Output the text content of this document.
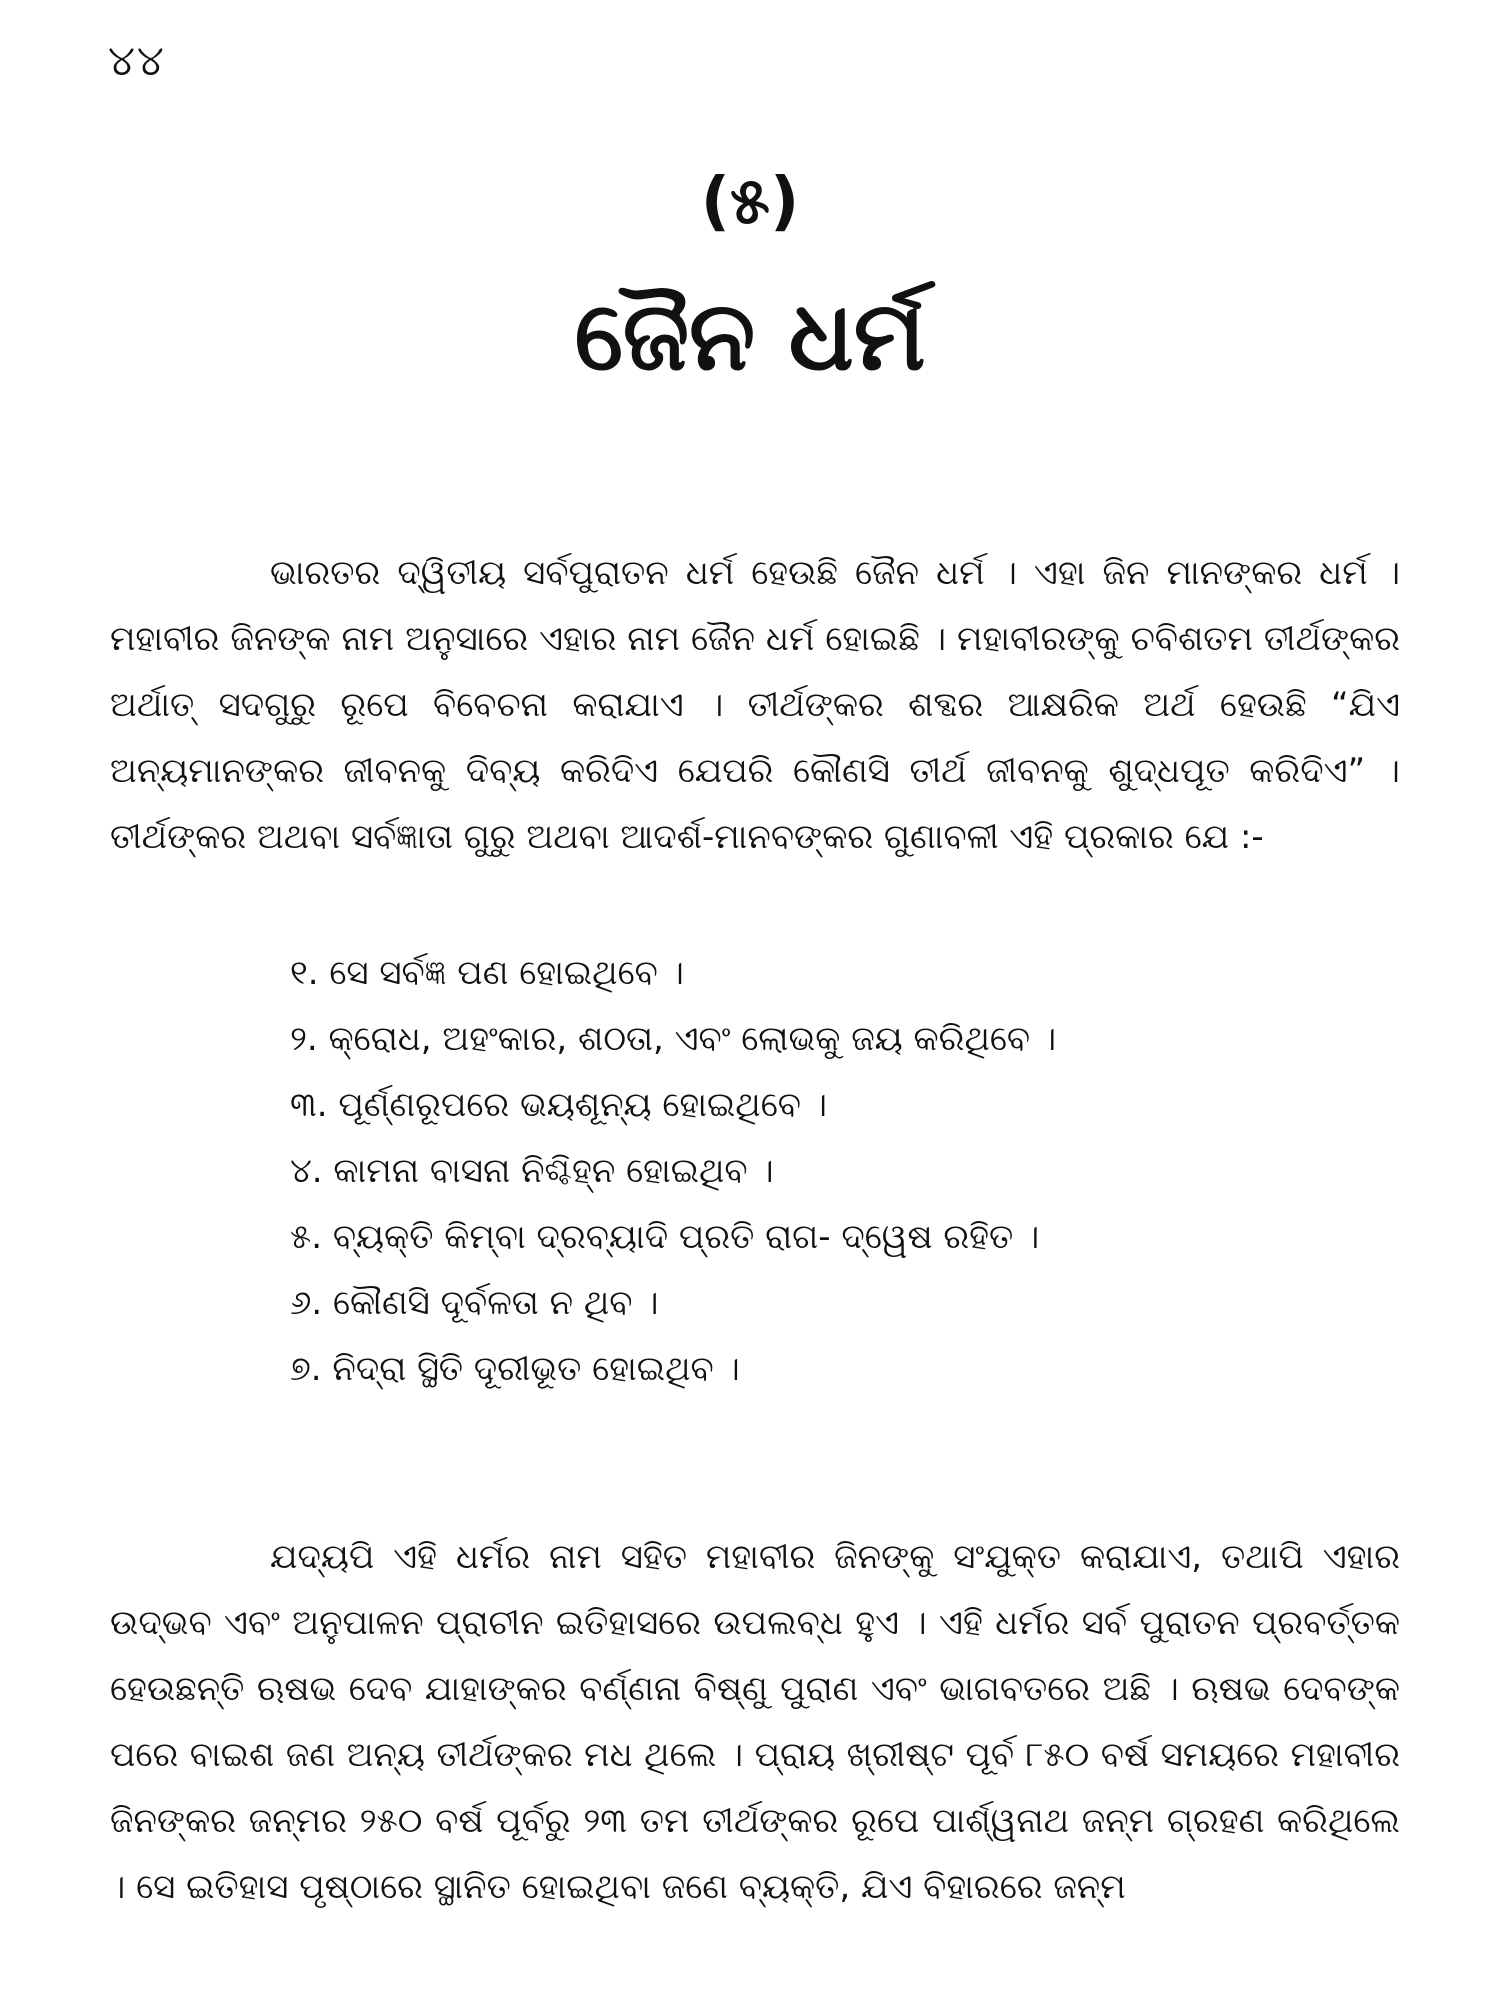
୪୪
(୫)
ଜୈନ ଧର୍ମ

ଭାରତର ଦ୍ୱିତୀୟ ସର୍ବପୁରାତନ ଧର୍ମ ହେଉଛି ଜୈନ ଧର୍ମ । ଏହା ଜିନ ମାନଙ୍କର ଧର୍ମ । ମହାବୀର ଜିନଙ୍କ ନାମ ଅନୁସାରେ ଏହାର ନାମ ଜୈନ ଧର୍ମ ହୋଇଛି । ମହାବୀରଙ୍କୁ ଚବିଶତମ ତୀର୍ଥଙ୍କର ଅର୍ଥାତ୍ ସଦଗୁରୁ ରୂପେ ବିବେଚନା କରାଯାଏ । ତୀର୍ଥଙ୍କର ଶବ୍ଦର ଆକ୍ଷରିକ ଅର୍ଥ ହେଉଛି “ଯିଏ ଅନ୍ୟମାନଙ୍କର ଜୀବନକୁ ଦିବ୍ୟ କରିଦିଏ ଯେପରି କୌଣସି ତୀର୍ଥ ଜୀବନକୁ ଶୁଦ୍ଧପୂତ କରିଦିଏ” । ତୀର୍ଥଙ୍କର ଅଥବା ସର୍ବଜ୍ଞାତା ଗୁରୁ ଅଥବା ଆଦର୍ଶ-ମାନବଙ୍କର ଗୁଣାବଳୀ ଏହି ପ୍ରକାର ଯେ :-

୧. ସେ ସର୍ବଜ୍ଞ ପଣ ହୋଇଥିବେ ।
୨. କ୍ରୋଧ, ଅହଂକାର, ଶଠତା, ଏବଂ ଲୋଭକୁ ଜୟ କରିଥିବେ ।
୩. ପୂର୍ଣ୍ଣରୂପରେ ଭୟଶୂନ୍ୟ ହୋଇଥିବେ ।
୪. କାମନା ବାସନା ନିଶ୍ଚିହ୍ନ ହୋଇଥିବ ।
୫. ବ୍ୟକ୍ତି କିମ୍ବା ଦ୍ରବ୍ୟାଦି ପ୍ରତି ରାଗ- ଦ୍ୱେଷ ରହିତ ।
୬. କୌଣସି ଦୂର୍ବଳତା ନ ଥିବ ।
୭. ନିଦ୍ରା ସ୍ଥିତି ଦୂରୀଭୂତ ହୋଇଥିବ ।

ଯଦ୍ୟପି ଏହି ଧର୍ମର ନାମ ସହିତ ମହାବୀର ଜିନଙ୍କୁ ସଂଯୁକ୍ତ କରାଯାଏ, ତଥାପି ଏହାର ଉଦ୍ଭବ ଏବଂ ଅନୁପାଳନ ପ୍ରାଚୀନ ଇତିହାସରେ ଉପଲବ୍ଧ ହୁଏ । ଏହି ଧର୍ମର ସର୍ବ ପୁରାତନ ପ୍ରବର୍ତ୍ତକ ହେଉଛନ୍ତି ଋଷଭ ଦେବ ଯାହାଙ୍କର ବର୍ଣ୍ଣନା ବିଷ୍ଣୁ ପୁରାଣ ଏବଂ ଭାଗବତରେ ଅଛି । ଋଷଭ ଦେବଙ୍କ ପରେ ବାଇଶ ଜଣ ଅନ୍ୟ ତୀର୍ଥଙ୍କର ମଧ ଥିଲେ । ପ୍ରାୟ ଖ୍ରୀଷ୍ଟ ପୂର୍ବ ୮୫୦ ବର୍ଷ ସମୟରେ ମହାବୀର ଜିନଙ୍କର ଜନ୍ମର ୨୫୦ ବର୍ଷ ପୂର୍ବରୁ ୨୩ ତମ ତୀର୍ଥଙ୍କର ରୂପେ ପାର୍ଶ୍ୱନାଥ ଜନ୍ମ ଗ୍ରହଣ କରିଥିଲେ । ସେ ଇତିହାସ ପୃଷ୍ଠାରେ ସ୍ଥାନିତ ହୋଇଥିବା ଜଣେ ବ୍ୟକ୍ତି, ଯିଏ ବିହାରରେ ଜନ୍ମ
